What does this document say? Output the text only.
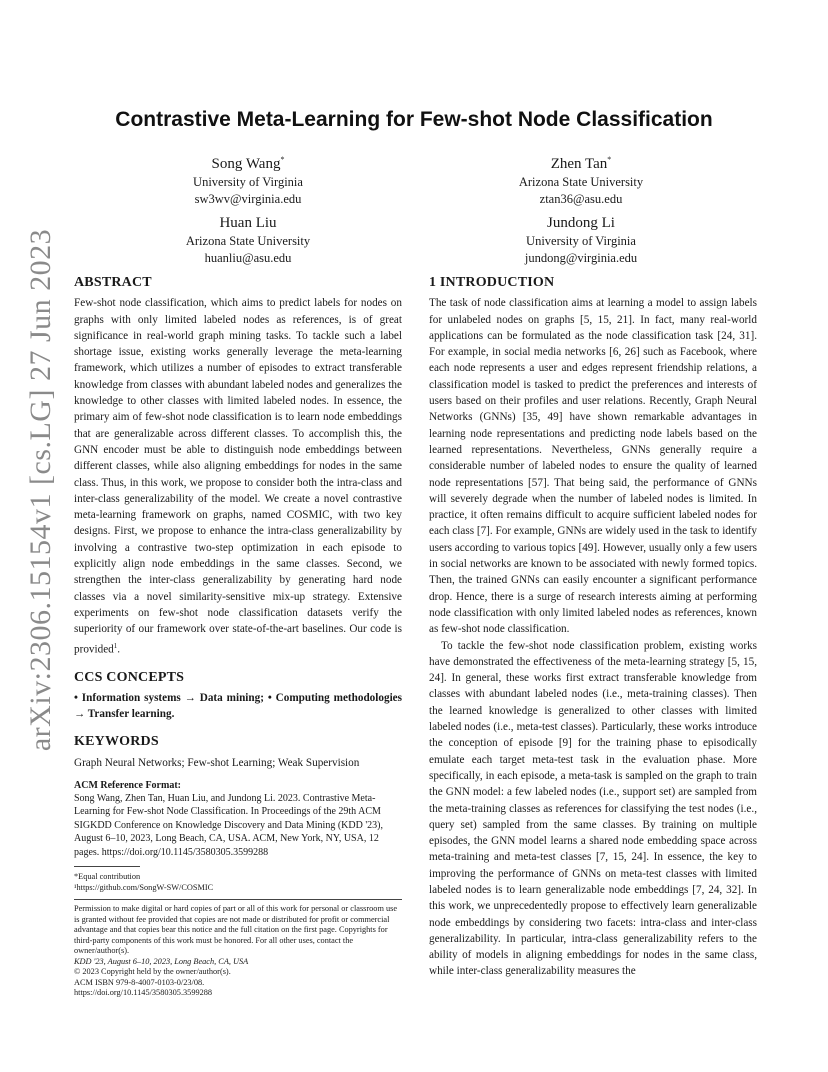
arXiv:2306.15154v1 [cs.LG] 27 Jun 2023
Contrastive Meta-Learning for Few-shot Node Classification
Song Wang*
University of Virginia
sw3wv@virginia.edu
Zhen Tan*
Arizona State University
ztan36@asu.edu
Huan Liu
Arizona State University
huanliu@asu.edu
Jundong Li
University of Virginia
jundong@virginia.edu
ABSTRACT

Few-shot node classification, which aims to predict labels for nodes on graphs with only limited labeled nodes as references, is of great significance in real-world graph mining tasks. To tackle such a label shortage issue, existing works generally leverage the meta-learning framework, which utilizes a number of episodes to extract transferable knowledge from classes with abundant labeled nodes and generalizes the knowledge to other classes with limited labeled nodes. In essence, the primary aim of few-shot node classification is to learn node embeddings that are generalizable across different classes. To accomplish this, the GNN encoder must be able to distinguish node embeddings between different classes, while also aligning embeddings for nodes in the same class. Thus, in this work, we propose to consider both the intra-class and inter-class generalizability of the model. We create a novel contrastive meta-learning framework on graphs, named COSMIC, with two key designs. First, we propose to enhance the intra-class generalizability by involving a contrastive two-step optimization in each episode to explicitly align node embeddings in the same classes. Second, we strengthen the inter-class generalizability by generating hard node classes via a novel similarity-sensitive mix-up strategy. Extensive experiments on few-shot node classification datasets verify the superiority of our framework over state-of-the-art baselines. Our code is provided$^1$.

CCS CONCEPTS

• Information systems → Data mining; • Computing methodologies → Transfer learning.

KEYWORDS

Graph Neural Networks; Few-shot Learning; Weak Supervision

ACM Reference Format:
Song Wang, Zhen Tan, Huan Liu, and Jundong Li. 2023. Contrastive Meta-Learning for Few-shot Node Classification. In Proceedings of the 29th ACM SIGKDD Conference on Knowledge Discovery and Data Mining (KDD '23), August 6–10, 2023, Long Beach, CA, USA. ACM, New York, NY, USA, 12 pages. https://doi.org/10.1145/3580305.3599288
*Equal contribution
¹https://github.com/SongW-SW/COSMIC
Permission to make digital or hard copies of part or all of this work for personal or classroom use is granted without fee provided that copies are not made or distributed for profit or commercial advantage and that copies bear this notice and the full citation on the first page. Copyrights for third-party components of this work must be honored. For all other uses, contact the owner/author(s).
KDD '23, August 6–10, 2023, Long Beach, CA, USA
© 2023 Copyright held by the owner/author(s).
ACM ISBN 979-8-4007-0103-0/23/08.
https://doi.org/10.1145/3580305.3599288
1 INTRODUCTION

The task of node classification aims at learning a model to assign labels for unlabeled nodes on graphs [5, 15, 21]. In fact, many real-world applications can be formulated as the node classification task [24, 31]. For example, in social media networks [6, 26] such as Facebook, where each node represents a user and edges represent friendship relations, a classification model is tasked to predict the preferences and interests of users based on their profiles and user relations. Recently, Graph Neural Networks (GNNs) [35, 49] have shown remarkable advantages in learning node representations and predicting node labels based on the learned representations. Nevertheless, GNNs generally require a considerable number of labeled nodes to ensure the quality of learned node representations [57]. That being said, the performance of GNNs will severely degrade when the number of labeled nodes is limited. In practice, it often remains difficult to acquire sufficient labeled nodes for each class [7]. For example, GNNs are widely used in the task to identify users according to various topics [49]. However, usually only a few users in social networks are known to be associated with newly formed topics. Then, the trained GNNs can easily encounter a significant performance drop. Hence, there is a surge of research interests aiming at performing node classification with only limited labeled nodes as references, known as few-shot node classification.

To tackle the few-shot node classification problem, existing works have demonstrated the effectiveness of the meta-learning strategy [5, 15, 24]. In general, these works first extract transferable knowledge from classes with abundant labeled nodes (i.e., meta-training classes). Then the learned knowledge is generalized to other classes with limited labeled nodes (i.e., meta-test classes). Particularly, these works introduce the conception of episode [9] for the training phase to episodically emulate each target meta-test task in the evaluation phase. More specifically, in each episode, a meta-task is sampled on the graph to train the GNN model: a few labeled nodes (i.e., support set) are sampled from the meta-training classes as references for classifying the test nodes (i.e., query set) sampled from the same classes. By training on multiple episodes, the GNN model learns a shared node embedding space across meta-training and meta-test classes [7, 15, 24]. In essence, the key to improving the performance of GNNs on meta-test classes with limited labeled nodes is to learn generalizable node embeddings [7, 24, 32]. In this work, we unprecedentedly propose to effectively learn generalizable node embeddings by considering two facets: intra-class and inter-class generalizability. In particular, intra-class generalizability refers to the ability of models in aligning embeddings for nodes in the same class, while inter-class generalizability measures the
